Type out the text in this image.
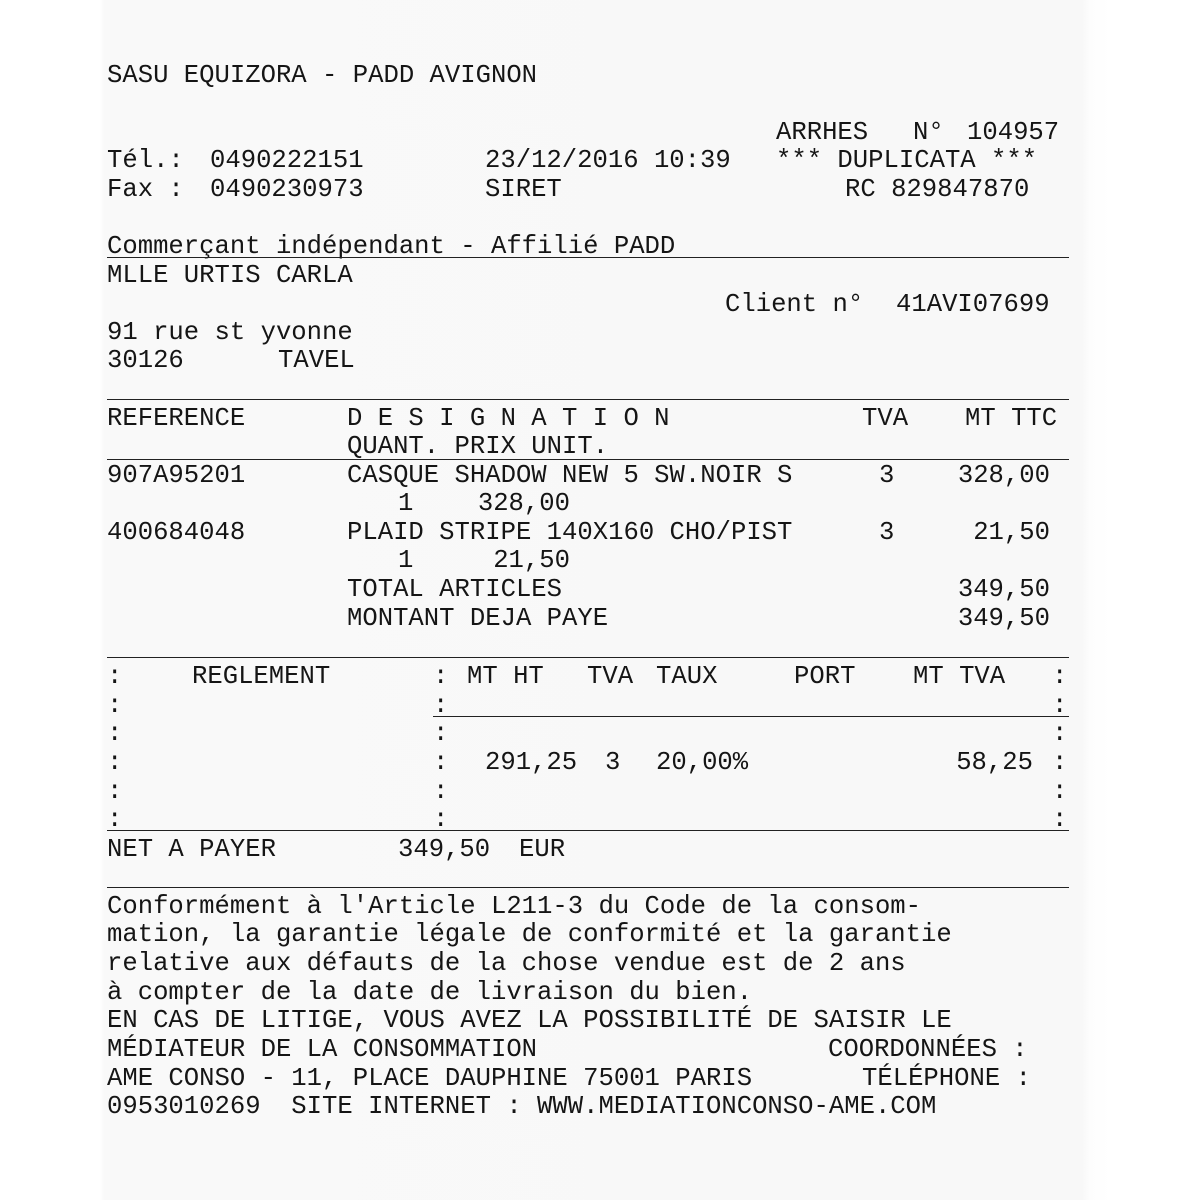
SASU EQUIZORA - PADD AVIGNON
ARRHES N° 104957
Tél.: 0490222151	23/12/2016 10:39 *** DUPLICATA ***
Fax : 0490230973	SIRET	RC 829847870
Commerçant indépendant - Affilié PADD
MLLE URTIS CARLA
Client n° 41AVI07699
91 rue st yvonne
30126	TAVEL
REFERENCE	D E S I G N A T I O N	TVA MT TTC
QUANT. PRIX UNIT.
907A95201	CASQUE SHADOW NEW 5 SW.NOIR S	3	328,00
1	328,00
400684048	PLAID STRIPE 140X160 CHO/PIST	3	21,50
1	21,50
TOTAL ARTICLES	349,50
MONTANT DEJA PAYE	349,50
:
:
:
:
:
:
:
:
:
:
:
:
:
:
:
:
:
:
REGLEMENT	MT HT TVA TAUX	PORT MT TVA
291,25 3 20,00%	58,25
NET A PAYER	349,50 EUR
Conformément à l'Article L211-3 du Code de la consom-
mation, la garantie légale de conformité et la garantie
relative aux défauts de la chose vendue est de 2 ans
à compter de la date de livraison du bien.
EN CAS DE LITIGE, VOUS AVEZ LA POSSIBILITÉ DE SAISIR LE
MÉDIATEUR DE LA CONSOMMATION	COORDONNÉES :
AME CONSO - 11, PLACE DAUPHINE 75001 PARIS	TÉLÉPHONE :
0953010269  SITE INTERNET : WWW.MEDIATIONCONSO-AME.COM
